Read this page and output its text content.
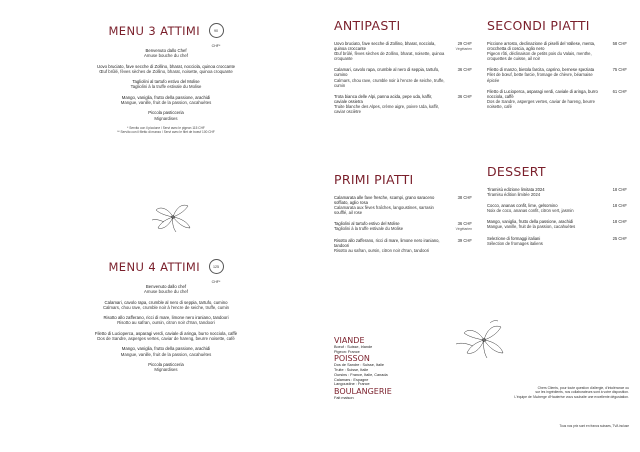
MENU 3 ATTIMI	90 CHF*
Benvenuto dallo Chef
Amuse bouche du chef
Uovo bruciato, fave secche di Zollino, bharat, nocciola, quinoa croccante
Œuf brûlé, fèves sèches de Zollino, bharat, noisette, quinoa croquante
Tagliolini al tartufo estivo del Molise
Tagliolini à la truffe estivale du Molise
Mango, vaniglia, frutto della passione, arachidi
Mangue, vanille, fruit de la passion, cacahuètes
Piccola pasticceria
Mignardises
* Servito con il piccione / Servi avec le pigeon 115 CHF
** Servito con il filetto di manzo / Servi avec le filet de boeuf 100 CHF
MENU 4 ATTIMI	125 CHF*
Benvenuto dallo chef
Amuse bouche du chef
Calamari, cavolo rapa, crumble al nero di seppia, tartufo, cumino
Calmars, chou rave, crumble noir à l'encre de seiche, truffe, cumin
Risotto allo zafferano, ricci di mare, limone nero iraniano, tandoori
Risotto au safran, oursin, citron noir d'Iran, tandoori
Filetto di Lucioperca, asparagi verdi, caviale di aringa, burro nocciola, caffè
Dos de Sandre, asperges vertes, caviar de hareng, beurre noisette, café
Mango, vaniglia, frutto della passione, arachidi
Mangue, vanille, fruit de la passion, cacahuètes
Piccola pasticceria
Mignardises
ANTIPASTI
Uovo bruciato, fave secche di Zollino, bharat, nocciola, quinoa croccante
Œuf brûlé, fèves sèches de Zollino, bharat, noisette, quinoa croquante
29 CHF
Végétarien
Calamari, cavolo rapa, crumble al nero di seppia, tartufo, cumino
Calmars, chou rave, crumble noir à l'encre de seiche, truffe, cumin
36 CHF
Trota bianca delle Alpi, panna acida, pepe uda, kaffir, caviale ossietra
Truite blanche des Alpes, crème aigre, poivre Uda, kaffir, caviar osciètre
36 CHF
PRIMI PIATTI
Calamarata alle fave fresche, scampi, grano saraceno soffiato, aglio rosa
Calamarata aux fèves fraîches, langoustines, sarrasin soufflé, ail rose
38 CHF
Tagliolini al tartufo estivo del Molise
Tagliolini à la truffe estivale du Molise
36 CHF
Végétarien
Risotto allo zafferano, ricci di mare, limone nero iraniano, tandoori
Risotto au safran, oursin, citron noir d'Iran, tandoori
39 CHF
SECONDI PIATTI
Piccione arrosto, declinazione di piselli del Vallese, menta, crocchetta di coscia, aglio nero
Pigeon rôti, déclinaison de petits pois du Valais, menthe, croquettes de cuisse, ail noir
58 CHF
Filetto di manzo, bietola farcita, caprino, bernese speziata
Filet de bœuf, bette farcie, fromage de chèvre, béarnaise épicée
75 CHF
Filetto di Lucioperca, asparagi verdi, caviale di aringa, burro nocciola, caffè
Dos de Sandre, asperges vertes, caviar de hareng, beurre noisette, café
61 CHF
DESSERT
Tiramisù edizione limitata 2024
Tiramisu édition limitée 2024
18 CHF
Cocco, ananas confit, lime, gelsomino
Noix de coco, ananas confit, citron vert, jasmin
18 CHF
Mango, vaniglia, frutto della passione, arachidi
Mangue, vanille, fruit de la passion, cacahuètes
18 CHF
Selezione di formaggi italiani
Sélection de fromages italiens
25 CHF
VIANDE
Boeuf : Suisse, Irlande
Pigeon: France
POISSON
Dos de Sandre : Suisse, Italie
Truite : Suisse, Italie
Oursins : France, Italie, Canada
Calamars : Espagne
Langoustine : France
BOULANGERIE
Fait maison
Chers Clients, pour toute question d'allergie, d'intolérance ou
sur les ingrédients, nos collaborateurs sont à votre disposition.
L'équipe de l'Auberge d'Hauterive vous souhaite une excellente dégustation.
Tous nos prix sont en francs suisses, TVA incluse
